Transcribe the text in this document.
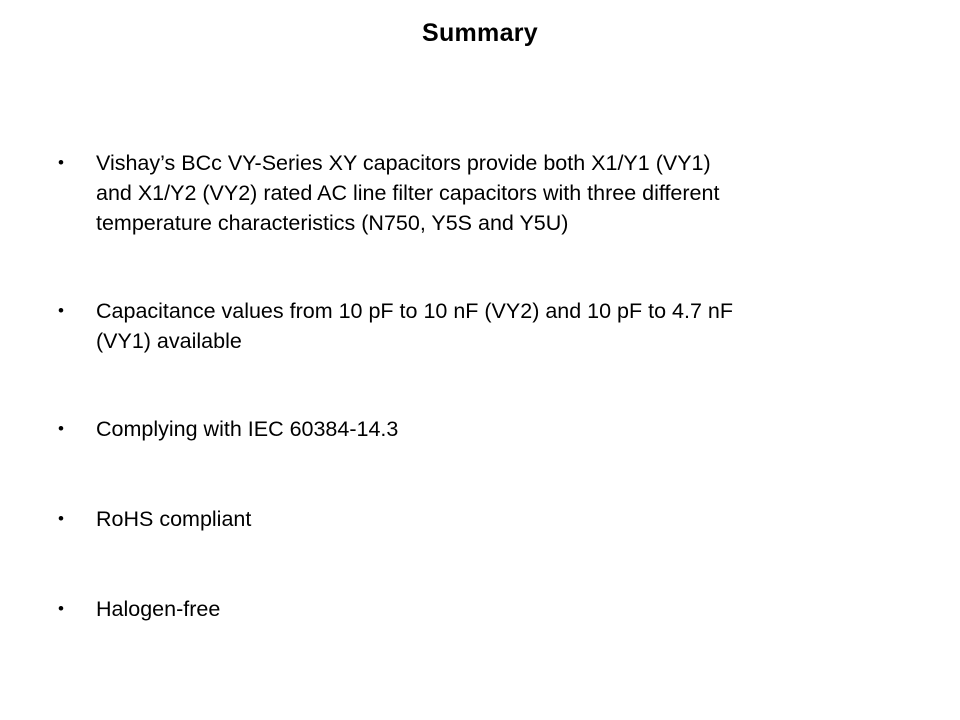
Summary
•	Vishay’s BCc VY-Series XY capacitors provide both X1/Y1 (VY1)
and X1/Y2 (VY2) rated AC line filter capacitors with three different
temperature characteristics (N750, Y5S and Y5U)
•	Capacitance values from 10 pF to 10 nF (VY2) and 10 pF to 4.7 nF
(VY1) available
•	Complying with IEC 60384-14.3
•	RoHS compliant
•	Halogen-free
